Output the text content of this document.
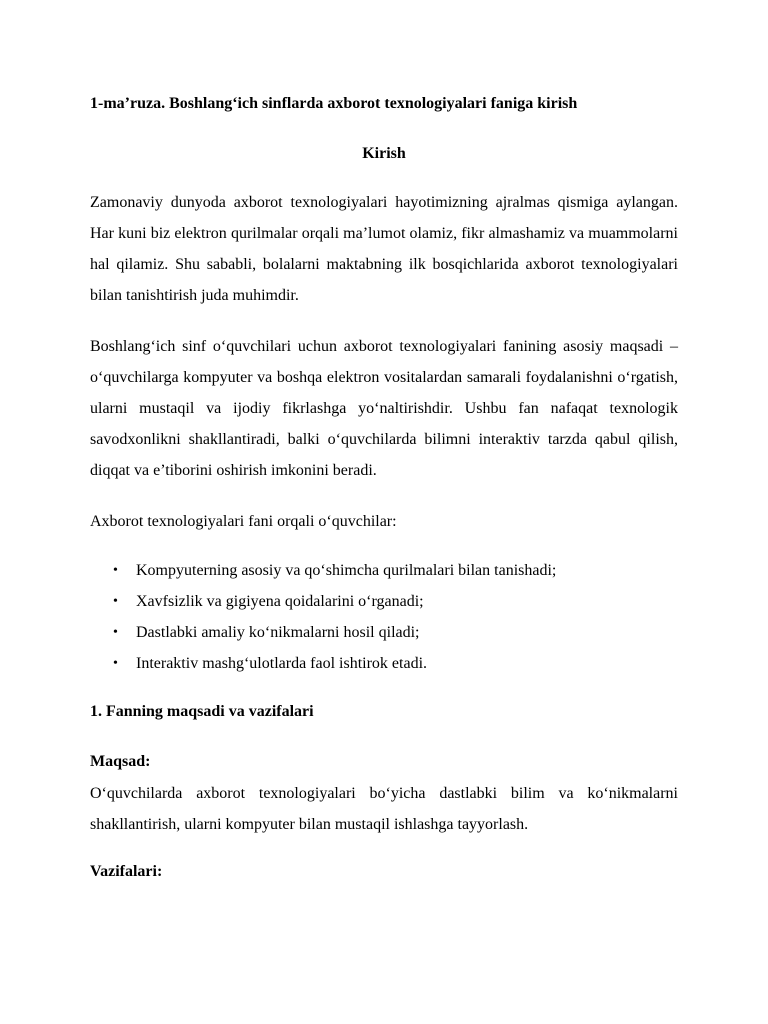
1-ma’ruza. Boshlang‘ich sinflarda axborot texnologiyalari faniga kirish
Kirish

Zamonaviy dunyoda axborot texnologiyalari hayotimizning ajralmas qismiga aylangan. Har kuni biz elektron qurilmalar orqali ma’lumot olamiz, fikr almashamiz va muammolarni hal qilamiz. Shu sababli, bolalarni maktabning ilk bosqichlarida axborot texnologiyalari bilan tanishtirish juda muhimdir.

Boshlang‘ich sinf o‘quvchilari uchun axborot texnologiyalari fanining asosiy maqsadi – o‘quvchilarga kompyuter va boshqa elektron vositalardan samarali foydalanishni o‘rgatish, ularni mustaqil va ijodiy fikrlashga yo‘naltirishdir. Ushbu fan nafaqat texnologik savodxonlikni shakllantiradi, balki o‘quvchilarda bilimni interaktiv tarzda qabul qilish, diqqat va e’tiborini oshirish imkonini beradi.

Axborot texnologiyalari fani orqali o‘quvchilar:

• Kompyuterning asosiy va qo‘shimcha qurilmalari bilan tanishadi;
• Xavfsizlik va gigiyena qoidalarini o‘rganadi;
• Dastlabki amaliy ko‘nikmalarni hosil qiladi;
• Interaktiv mashg‘ulotlarda faol ishtirok etadi.
1. Fanning maqsadi va vazifalari
Maqsad:

O‘quvchilarda axborot texnologiyalari bo‘yicha dastlabki bilim va ko‘nikmalarni shakllantirish, ularni kompyuter bilan mustaqil ishlashga tayyorlash.

Vazifalari:
